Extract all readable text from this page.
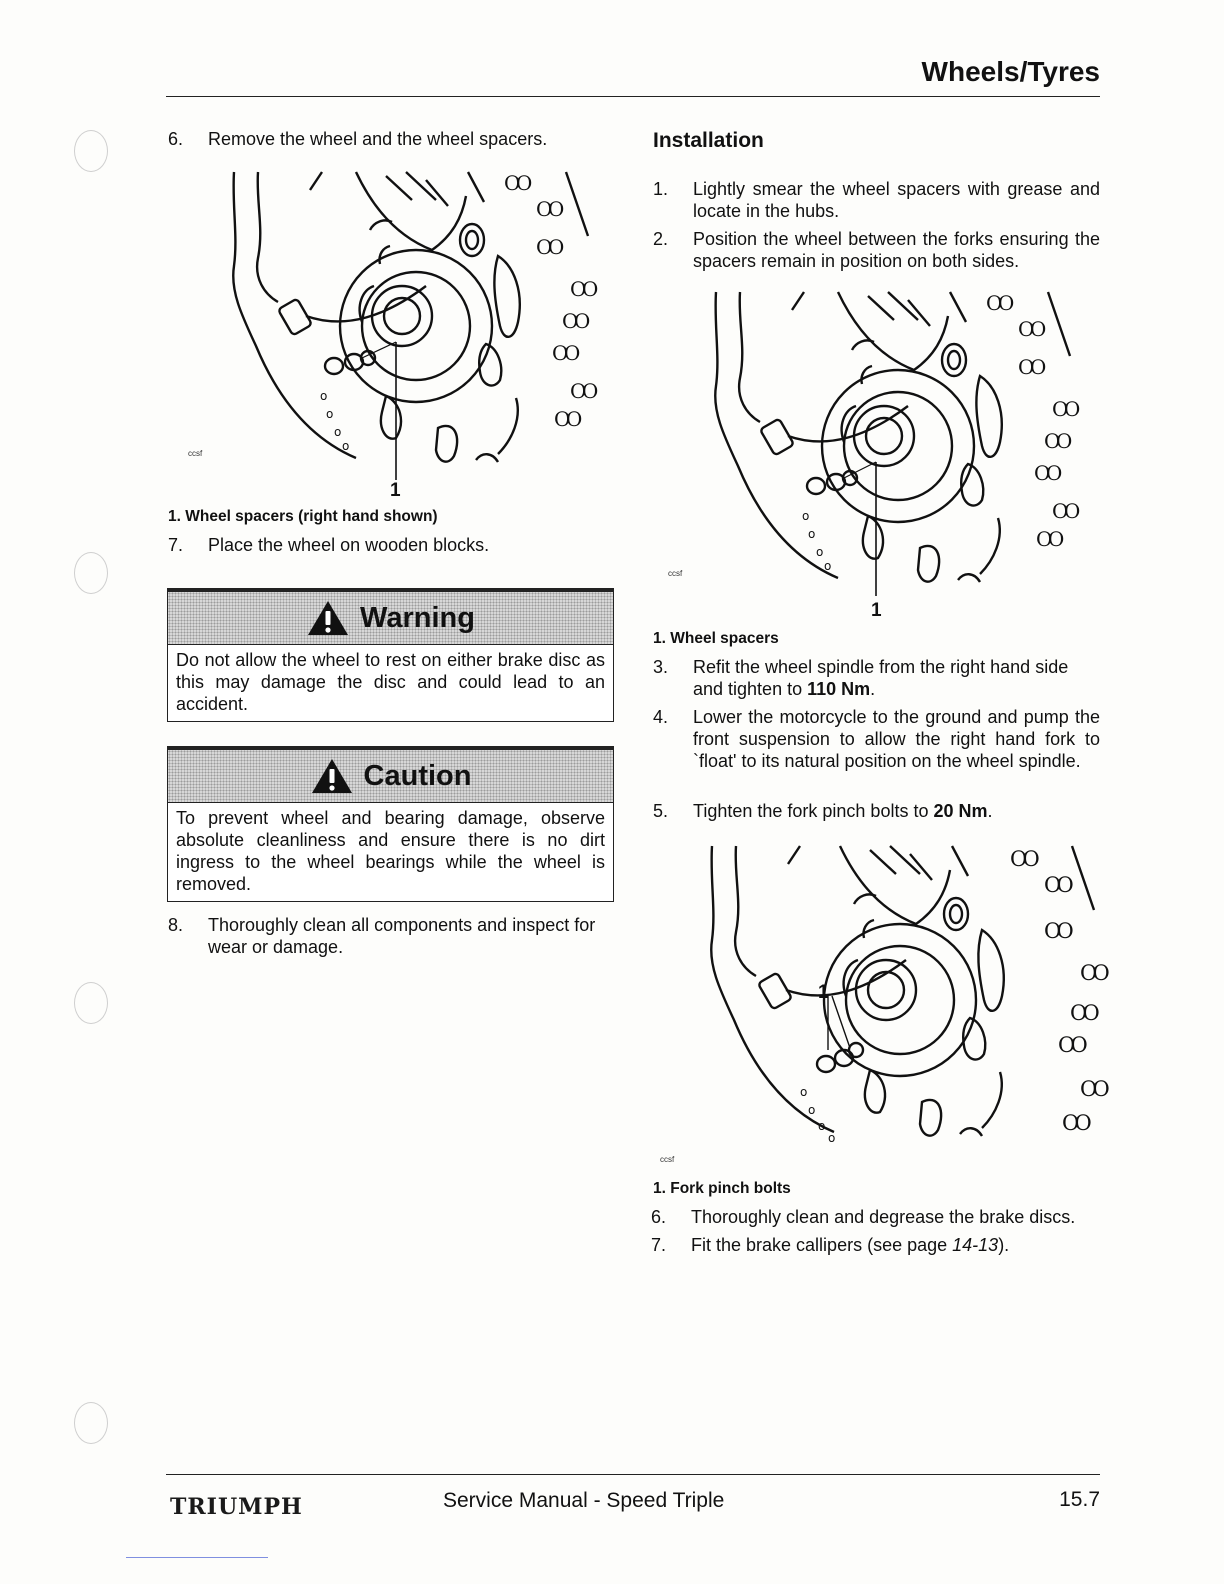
Wheels/Tyres
6. Remove the wheel and the wheel spacers.
Ꝏ
Ꝏ
Ꝏ
Ꝏ
Ꝏ
Ꝏ
Ꝏ
Ꝏ
o
o
o
o
1
ccsf
1. Wheel spacers (right hand shown)
7. Place the wheel on wooden blocks.
Warning
Do not allow the wheel to rest on either brake disc as this may damage the disc and could lead to an accident.
Caution
To prevent wheel and bearing damage, observe absolute cleanliness and ensure there is no dirt ingress to the wheel bearings while the wheel is removed.
8. Thoroughly clean all components and inspect for wear or damage.
Installation
1. Lightly smear the wheel spacers with grease and locate in the hubs.
2. Position the wheel between the forks ensuring the spacers remain in position on both sides.
Ꝏ
Ꝏ
Ꝏ
Ꝏ
Ꝏ
Ꝏ
Ꝏ
Ꝏ
o
o
o
o
1
ccsf
1. Wheel spacers
3. Refit the wheel spindle from the right hand side and tighten to 110 Nm.
4. Lower the motorcycle to the ground and pump the front suspension to allow the right hand fork to `float' to its natural position on the wheel spindle.
5. Tighten the fork pinch bolts to 20 Nm.
Ꝏ
Ꝏ
Ꝏ
Ꝏ
Ꝏ
Ꝏ
Ꝏ
Ꝏ
o
o
o
o
1
ccsf
1. Fork pinch bolts
6. Thoroughly clean and degrease the brake discs.
7. Fit the brake callipers (see page 14-13).
TRIUMPH	Service Manual - Speed Triple	15.7
